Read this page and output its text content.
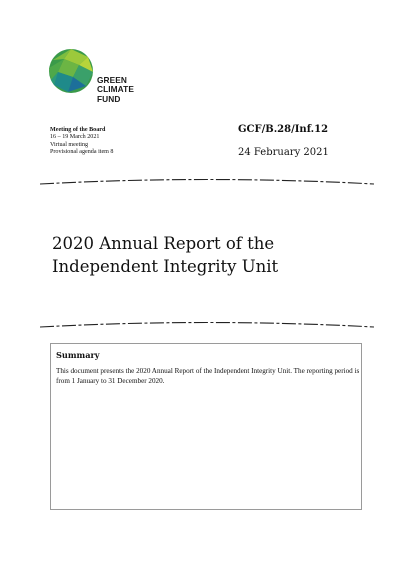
GREEN
CLIMATE
FUND
Meeting of the Board
16 – 19 March 2021
Virtual meeting
Provisional agenda item 8
GCF/B.28/Inf.12
24 February 2021
2020 Annual Report of the
Independent Integrity Unit
Summary
This document presents the 2020 Annual Report of the Independent Integrity Unit. The reporting period is from 1 January to 31 December 2020.
